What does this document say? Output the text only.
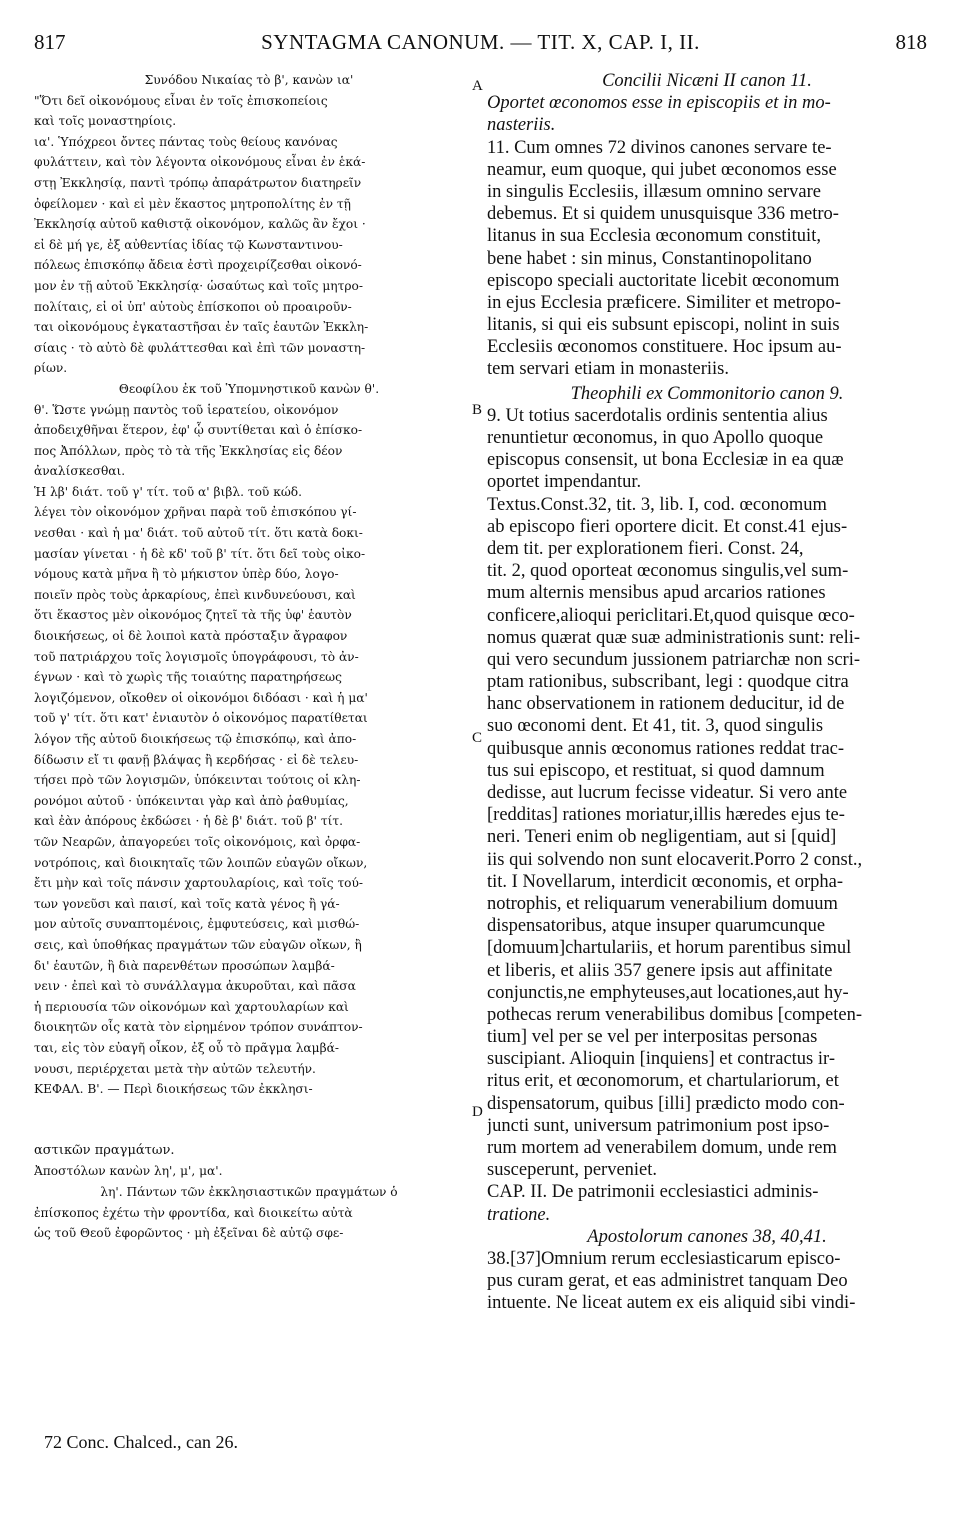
817	SYNTAGMA CANONUM. — TIT. X, CAP. I, II.	818
A
B
C
D
Συνόδου Νικαίας τὸ β', κανὼν ια'
"Ὅτι δεῖ οἰκονόμους εἶναι ἐν τοῖς ἐπισκοπείοις
καὶ τοῖς μοναστηρίοις.
ια'. Ὑπόχρεοι ὄντες πάντας τοὺς θείους κανόνας
φυλάττειν, καὶ τὸν λέγοντα οἰκονόμους εἶναι ἐν ἑκά-
στῃ Ἐκκλησίᾳ, παντὶ τρόπῳ ἀπαράτρωτον διατηρεῖν
ὀφείλομεν · καὶ εἰ μὲν ἕκαστος μητροπολίτης ἐν τῇ
Ἐκκλησίᾳ αὐτοῦ καθιστᾷ οἰκονόμον, καλῶς ἂν ἔχοι ·
εἰ δὲ μή γε, ἐξ αὐθεντίας ἰδίας τῷ Κωνσταντινου-
πόλεως ἐπισκόπῳ ἄδεια ἐστὶ προχειρίζεσθαι οἰκονό-
μον ἐν τῇ αὐτοῦ Ἐκκλησίᾳ· ὡσαύτως καὶ τοῖς μητρο-
πολίταις, εἰ οἱ ὑπ' αὐτοὺς ἐπίσκοποι οὐ προαιροῦν-
ται οἰκονόμους ἐγκαταστῆσαι ἐν ταῖς ἑαυτῶν Ἐκκλη-
σίαις · τὸ αὐτὸ δὲ φυλάττεσθαι καὶ ἐπὶ τῶν μοναστη-
ρίων.
Θεοφίλου ἐκ τοῦ Ὑπομνηστικοῦ κανὼν θ'.
θ'. Ὥστε γνώμῃ παντὸς τοῦ ἱερατείου, οἰκονόμον
ἀποδειχθῆναι ἕτερον, ἐφ' ᾧ συντίθεται καὶ ὁ ἐπίσκο-
πος Ἀπόλλων, πρὸς τὸ τὰ τῆς Ἐκκλησίας εἰς δέον
ἀναλίσκεσθαι.
Ἡ λβ' διάτ. τοῦ γ' τίτ. τοῦ α' βιβλ. τοῦ κώδ.
λέγει τὸν οἰκονόμον χρῆναι παρὰ τοῦ ἐπισκόπου γί-
νεσθαι · καὶ ἡ μα' διάτ. τοῦ αὐτοῦ τίτ. ὅτι κατὰ δοκι-
μασίαν γίνεται · ἡ δὲ κδ' τοῦ β' τίτ. ὅτι δεῖ τοὺς οἰκο-
νόμους κατὰ μῆνα ἢ τὸ μήκιστον ὑπὲρ δύο, λογο-
ποιεῖν πρὸς τοὺς ἀρκαρίους, ἐπεὶ κινδυνεύουσι, καὶ
ὅτι ἕκαστος μὲν οἰκονόμος ζητεῖ τὰ τῆς ὑφ' ἑαυτὸν
διοικήσεως, οἱ δὲ λοιποὶ κατὰ πρόσταξιν ἄγραφον
τοῦ πατριάρχου τοῖς λογισμοῖς ὑπογράφουσι, τὸ ἀν-
έγνων · καὶ τὸ χωρὶς τῆς τοιαύτης παρατηρήσεως
λογιζόμενον, οἴκοθεν οἱ οἰκονόμοι διδόασι · καὶ ἡ μα'
τοῦ γ' τίτ. ὅτι κατ' ἐνιαυτὸν ὁ οἰκονόμος παρατίθεται
λόγον τῆς αὐτοῦ διοικήσεως τῷ ἐπισκόπῳ, καὶ ἀπο-
δίδωσιν εἴ τι φανῇ βλάψας ἢ κερδήσας · εἰ δὲ τελευ-
τήσει πρὸ τῶν λογισμῶν, ὑπόκεινται τούτοις οἱ κλη-
ρονόμοι αὐτοῦ · ὑπόκεινται γὰρ καὶ ἀπὸ ῥαθυμίας,
καὶ ἐὰν ἀπόρους ἐκδώσει · ἡ δὲ β' διάτ. τοῦ β' τίτ.
τῶν Νεαρῶν, ἀπαγορεύει τοῖς οἰκονόμοις, καὶ ὀρφα-
νοτρόποις, καὶ διοικηταῖς τῶν λοιπῶν εὐαγῶν οἴκων,
ἔτι μὴν καὶ τοῖς πάνσιν χαρτουλαρίοις, καὶ τοῖς τού-
των γονεῦσι καὶ παισί, καὶ τοῖς κατὰ γένος ἢ γά-
μον αὐτοῖς συναπτομένοις, ἐμφυτεύσεις, καὶ μισθώ-
σεις, καὶ ὑποθήκας πραγμάτων τῶν εὐαγῶν οἴκων, ἢ
δι' ἑαυτῶν, ἢ διὰ παρενθέτων προσώπων λαμβά-
νειν · ἐπεὶ καὶ τὸ συνάλλαγμα ἀκυροῦται, καὶ πᾶσα
ἡ περιουσία τῶν οἰκονόμων καὶ χαρτουλαρίων καὶ
διοικητῶν οἷς κατὰ τὸν εἰρημένον τρόπον συνάπτον-
ται, εἰς τὸν εὐαγῆ οἶκον, ἐξ οὗ τὸ πρᾶγμα λαμβά-
νουσι, περιέρχεται μετὰ τὴν αὐτῶν τελευτήν.
ΚΕΦΑΛ. Β'. — Περὶ διοικήσεως τῶν ἐκκλησι-
αστικῶν πραγμάτων.
Ἀποστόλων κανὼν λη', μ', μα'.
λη'. Πάντων τῶν ἐκκλησιαστικῶν πραγμάτων ὁ
ἐπίσκοπος ἐχέτω τὴν φροντίδα, καὶ διοικείτω αὐτὰ
ὡς τοῦ Θεοῦ ἐφορῶντος · μὴ ἐξεῖναι δὲ αὐτῷ σφε-
Concilii Nicæni II canon 11.
Oportet œconomos esse in episcopiis et in mo-
nasteriis.
11. Cum omnes 72 divinos canones servare te-
neamur, eum quoque, qui jubet œconomos esse
in singulis Ecclesiis, illæsum omnino servare
debemus. Et si quidem unusquisque 336 metro-
litanus in sua Ecclesia œconomum constituit,
bene habet : sin minus, Constantinopolitano
episcopo speciali auctoritate licebit œconomum
in ejus Ecclesia præficere. Similiter et metropo-
litanis, si qui eis subsunt episcopi, nolint in suis
Ecclesiis œconomos constituere. Hoc ipsum au-
tem servari etiam in monasteriis.
Theophili ex Commonitorio canon 9.
9. Ut totius sacerdotalis ordinis sententia alius
renuntietur œconomus, in quo Apollo quoque
episcopus consensit, ut bona Ecclesiæ in ea quæ
oportet impendantur.
Textus.Const.32, tit. 3, lib. I, cod. œconomum
ab episcopo fieri oportere dicit. Et const.41 ejus-
dem tit. per explorationem fieri. Const. 24,
tit. 2, quod oporteat œconomus singulis,vel sum-
mum alternis mensibus apud arcarios rationes
conficere,alioqui periclitari.Et,quod quisque œco-
nomus quærat quæ suæ administrationis sunt: reli-
qui vero secundum jussionem patriarchæ non scri-
ptam rationibus, subscribant, legi : quodque citra
hanc observationem in rationem deducitur, id de
suo œconomi dent. Et 41, tit. 3, quod singulis
quibusque annis œconomus rationes reddat trac-
tus sui episcopo, et restituat, si quod damnum
dedisse, aut lucrum fecisse videatur. Si vero ante
[redditas] rationes moriatur,illis hæredes ejus te-
neri. Teneri enim ob negligentiam, aut si [quid]
iis qui solvendo non sunt elocaverit.Porro 2 const.,
tit. I Novellarum, interdicit œconomis, et orpha-
notrophis, et reliquarum venerabilium domuum
dispensatoribus, atque insuper quarumcunque
[domuum]chartulariis, et horum parentibus simul
et liberis, et aliis 357 genere ipsis aut affinitate
conjunctis,ne emphyteuses,aut locationes,aut hy-
pothecas rerum venerabilibus domibus [competen-
tium] vel per se vel per interpositas personas
suscipiant. Alioquin [inquiens] et contractus ir-
ritus erit, et œconomorum, et chartulariorum, et
dispensatorum, quibus [illi] prædicto modo con-
juncti sunt, universum patrimonium post ipso-
rum mortem ad venerabilem domum, unde rem
susceperunt, perveniet.
CAP. II. De patrimonii ecclesiastici adminis-
tratione.
Apostolorum canones 38, 40,41.
38.[37]Omnium rerum ecclesiasticarum episco-
pus curam gerat, et eas administret tanquam Deo
intuente. Ne liceat autem ex eis aliquid sibi vindi-
72 Conc. Chalced., can 26.
